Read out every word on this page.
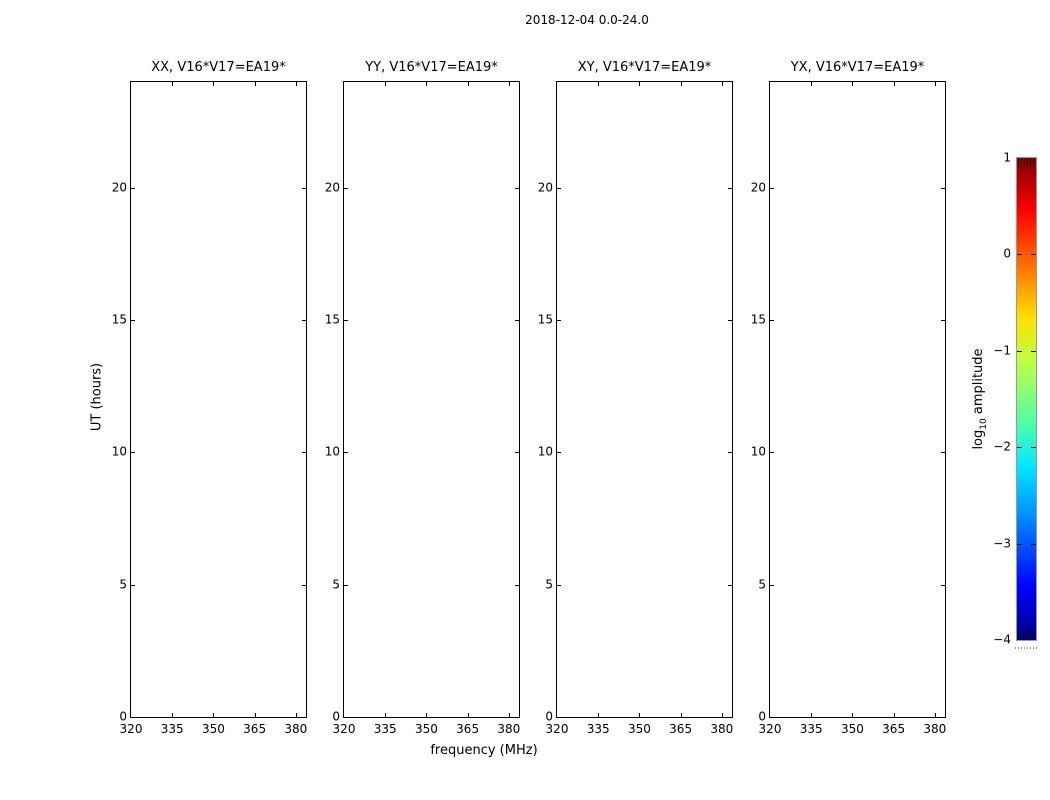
2018-12-04 0.0-24.0
UT (hours)
frequency (MHz)
XX, V16*V17=EA19*
320 335 350 365 380
0
5
10
15
20
YY, V16*V17=EA19*
320 335 350 365 380
0
5
10
15
20
XY, V16*V17=EA19*
320 335 350 365 380
0
5
10
15
20
YX, V16*V17=EA19*
320 335 350 365 380
0
5
10
15
20
$\log_{10}$ amplitude
1
0
−1
−2
−3
−4
